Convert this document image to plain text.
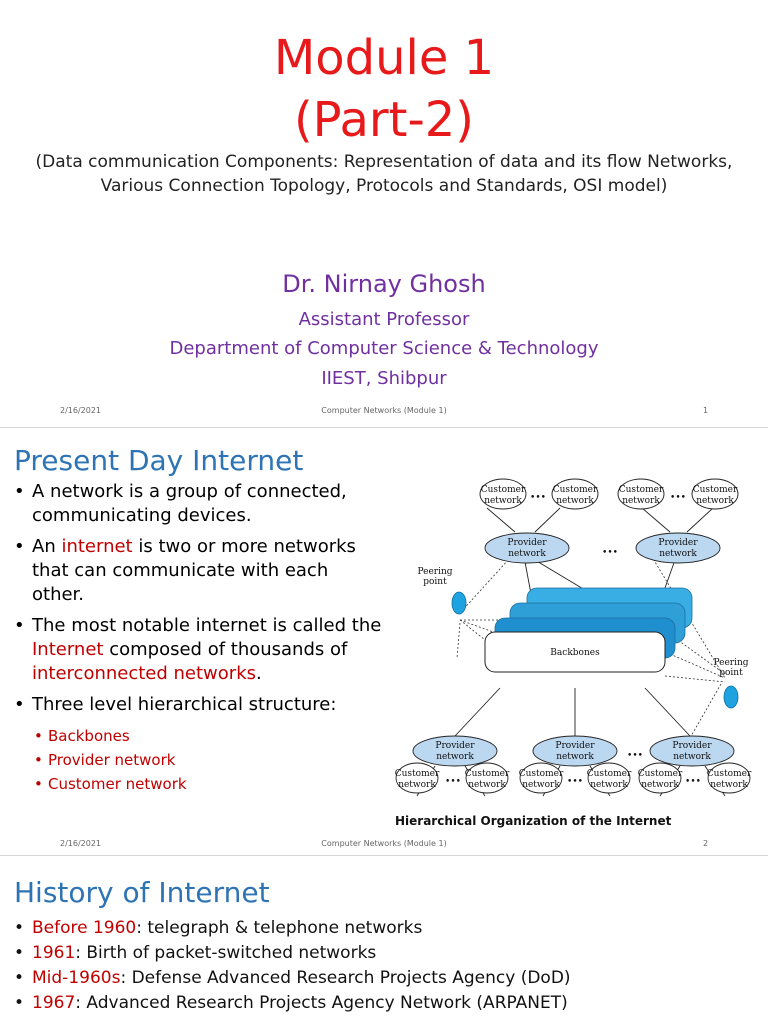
Module 1
(Part-2)
(Data communication Components: Representation of data and its flow Networks, Various Connection Topology, Protocols and Standards, OSI model)
Dr. Nirnay Ghosh
Assistant Professor
Department of Computer Science & Technology
IIEST, Shibpur
2/16/2021	Computer Networks (Module 1)	1
Present Day Internet
• A network is a group of connected, communicating devices.
• An internet is two or more networks that can communicate with each other.
• The most notable internet is called the Internet composed of thousands of interconnected networks.
• Three level hierarchical structure:
• Backbones
• Provider network
• Customer network
Backbones
Peering
point
Peering
point
Provider
network
Provider
network
•••
Provider
network
Provider
network
Provider
network
•••
Customer
network •••
Customer
network
Customer
network •••
Customer
network
Customer
network •••
Customer
network
Customer
network •••
Customer
network
Customer
network •••
Customer
network
Hierarchical Organization of the Internet
2/16/2021	Computer Networks (Module 1)	2
History of Internet
• Before 1960: telegraph & telephone networks
• 1961: Birth of packet-switched networks
• Mid-1960s: Defense Advanced Research Projects Agency (DoD)
• 1967: Advanced Research Projects Agency Network (ARPANET)
